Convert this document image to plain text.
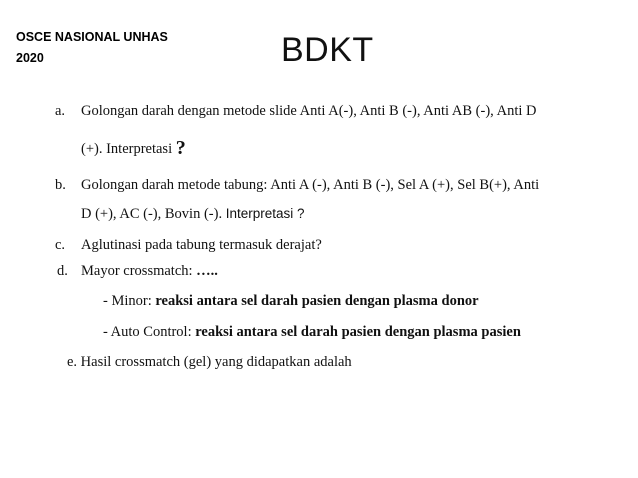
OSCE NASIONAL UNHAS
2020	BDKT
a. Golongan darah dengan metode slide Anti A(-), Anti B (-), Anti AB (-), Anti D
(+). Interpretasi ?
b. Golongan darah metode tabung: Anti A (-), Anti B (-), Sel A (+), Sel B(+), Anti
D (+), AC (-), Bovin (-). Interpretasi ?
c. Aglutinasi pada tabung termasuk derajat?
d. Mayor crossmatch: …..
- Minor: reaksi antara sel darah pasien dengan plasma donor
- Auto Control: reaksi antara sel darah pasien dengan plasma pasien
e. Hasil crossmatch (gel) yang didapatkan adalah
